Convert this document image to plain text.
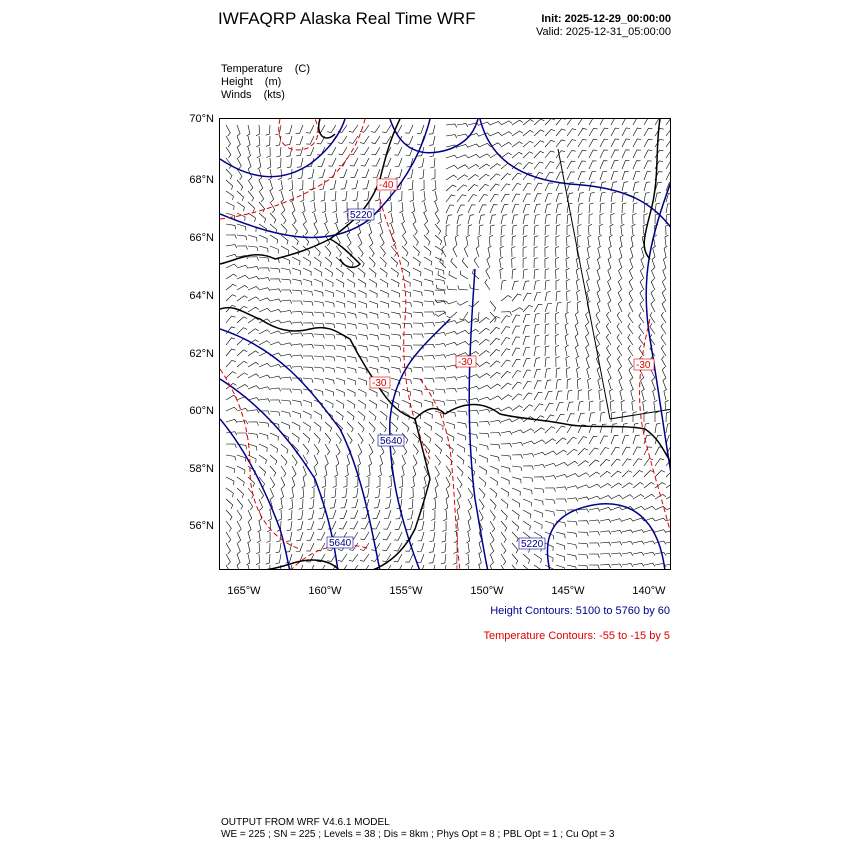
IWFAQRP Alaska Real Time WRF	Init: 2025-12-29_00:00:00
Valid: 2025-12-31_05:00:00
Temperature (C)
Height (m)
Winds (kts)
70°N
68°N
66°N
64°N
62°N
60°N
58°N
56°N
5220
5640
5640	5220
-40
-30
-30	-30
165°W	160°W	155°W	150°W	145°W	140°W
Height Contours: 5100 to 5760 by 60
Temperature Contours: -55 to -15 by 5
OUTPUT FROM WRF V4.6.1 MODEL
WE = 225 ; SN = 225 ; Levels = 38 ; Dis = 8km ; Phys Opt = 8 ; PBL Opt = 1 ; Cu Opt = 3
